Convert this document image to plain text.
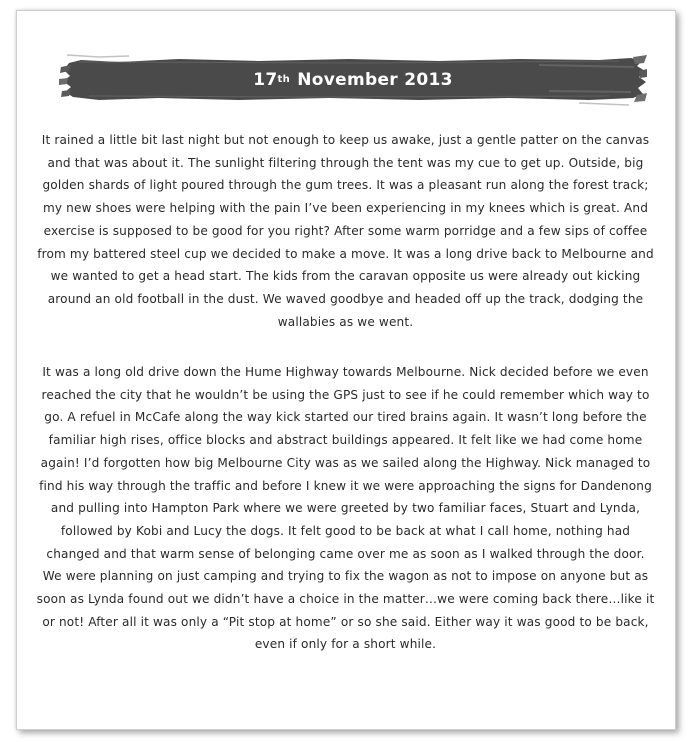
17th
November 2013

It rained a little bit last night but not enough to keep us awake, just a gentle patter on the canvas and that was about it. The sunlight filtering through the tent was my cue to get up. Outside, big golden shards of light poured through the gum trees. It was a pleasant run along the forest track; my new shoes were helping with the pain I’ve been experiencing in my knees which is great. And exercise is supposed to be good for you right? After some warm porridge and a few sips of coffee from my battered steel cup we decided to make a move. It was a long drive back to Melbourne and we wanted to get a head start. The kids from the caravan opposite us were already out kicking around an old football in the dust. We waved goodbye and headed off up the track, dodging the wallabies as we went.

It was a long old drive down the Hume Highway towards Melbourne. Nick decided before we even reached the city that he wouldn’t be using the GPS just to see if he could remember which way to go. A refuel in McCafe along the way kick started our tired brains again. It wasn’t long before the familiar high rises, office blocks and abstract buildings appeared. It felt like we had come home again! I’d forgotten how big Melbourne City was as we sailed along the Highway. Nick managed to find his way through the traffic and before I knew it we were approaching the signs for Dandenong and pulling into Hampton Park where we were greeted by two familiar faces, Stuart and Lynda, followed by Kobi and Lucy the dogs. It felt good to be back at what I call home, nothing had changed and that warm sense of belonging came over me as soon as I walked through the door. We were planning on just camping and trying to fix the wagon as not to impose on anyone but as soon as Lynda found out we didn’t have a choice in the matter…we were coming back there…like it or not! After all it was only a “Pit stop at home” or so she said. Either way it was good to be back, even if only for a short while.
